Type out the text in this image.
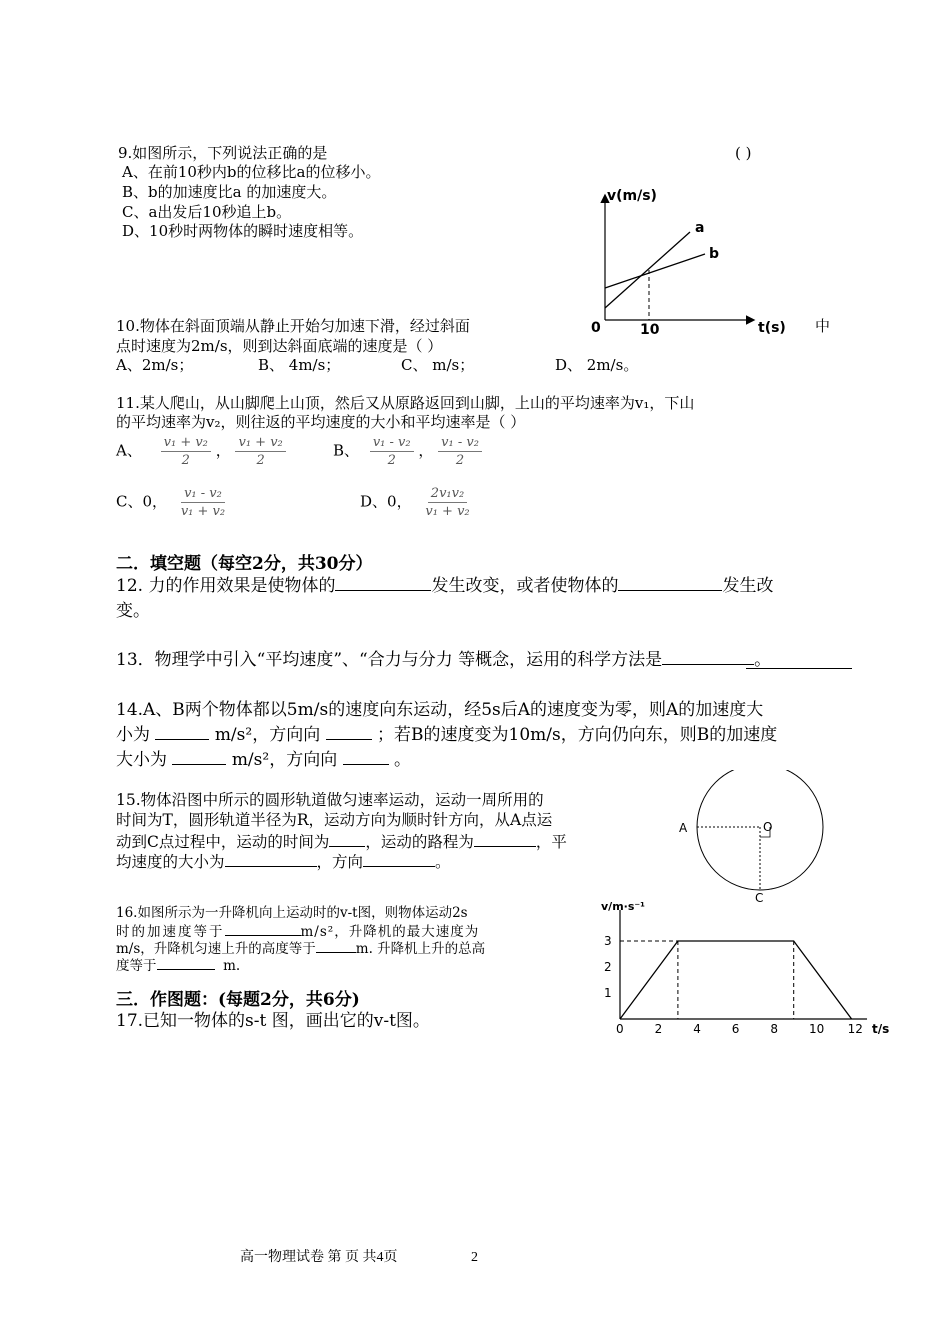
9.如图所示，下列说法正确的是	( )
A、在前10秒内b的位移比a的位移小。
B、b的加速度比a 的加速度大。
C、a出发后10秒追上b。
D、10秒时两物体的瞬时速度相等。
v(m/s)
a
b
0	10	t(s)
10.物体在斜面顶端从静止开始匀加速下滑，经过斜面	中
点时速度为2m/s，则到达斜面底端的速度是（ ）
A、2m/s；	B、 4m/s；	C、 m/s；	D、 2m/s。
11.某人爬山，从山脚爬上山顶，然后又从原路返回到山脚，上山的平均速率为v₁，下山
的平均速率为v₂，则往返的平均速度的大小和平均速率是（ ）
A、 $\frac{\text{v₁ + v₂}}{2}$ ， $\frac{\text{v₁ + v₂}}{2}$	B、 $\frac{\text{v₁ - v₂}}{2}$ ， $\frac{\text{v₁ - v₂}}{2}$
C、0， $\frac{\text{v₁ - v₂}}{\text{v₁ + v₂}}$	D、0， $\frac{\text{2v₁v₂}}{\text{v₁ + v₂}}$
二．填空题（每空2分，共30分）
12. 力的作用效果是使物体的	发生改变，或者使物体的	发生改
变。
13．物理学中引入“平均速度”、“合力与分力 等概念，运用的科学方法是	。
14.A、B两个物体都以5m/s的速度向东运动，经5s后A的速度变为零，则A的加速度大
小为	m/s²，方向向	；若B的速度变为10m/s，方向仍向东，则B的加速度
大小为	m/s²，方向向	。
15.物体沿图中所示的圆形轨道做匀速率运动，运动一周所用的
时间为T，圆形轨道半径为R，运动方向为顺时针方向，从A点运
动到C点过程中，运动的时间为 ，运动的路程为	，平
均速度的大小为	，方向	。
A	O
C
16.如图所示为一升降机向上运动时的v-t图，则物体运动2s
时的加速度等于	m/s²，升降机的最大速度为
m/s，升降机匀速上升的高度等于	m. 升降机上升的总高
度等于	m.
v/m·s⁻¹
t/s
0	2	4	6	8	10 12
1
2
3
三．作图题：(每题2分，共6分)
17.已知一物体的s-t 图，画出它的v-t图。
高一物理试卷 第 页 共4页	2
